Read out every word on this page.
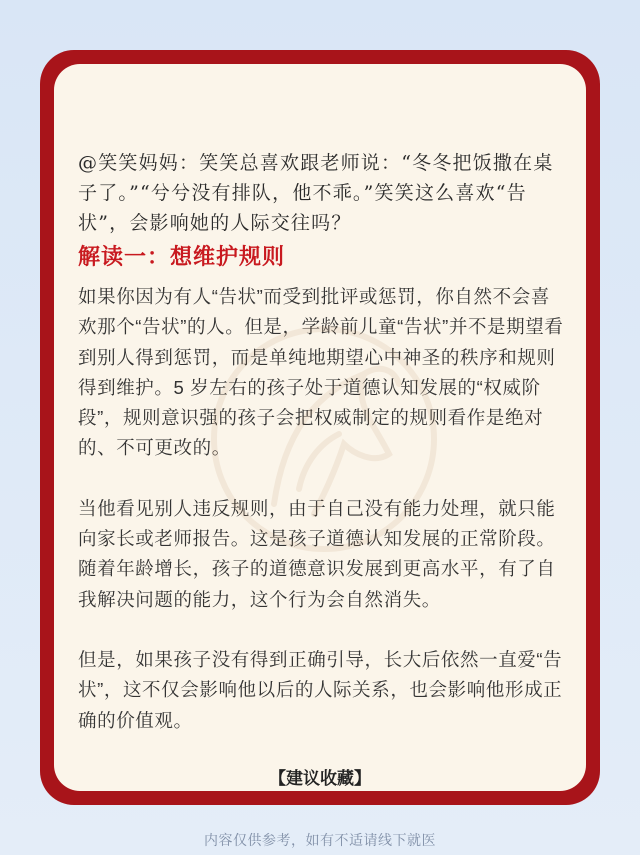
@笑笑妈妈：笑笑总喜欢跟老师说：“冬冬把饭撒在桌子了。”“兮兮没有排队，他不乖。”笑笑这么喜欢“告状”，会影响她的人际交往吗？

解读一：想维护规则

如果你因为有人“告状”而受到批评或惩罚，你自然不会喜欢那个“告状”的人。但是，学龄前儿童“告状”并不是期望看到别人得到惩罚，而是单纯地期望心中神圣的秩序和规则得到维护。5 岁左右的孩子处于道德认知发展的“权威阶段”，规则意识强的孩子会把权威制定的规则看作是绝对的、不可更改的。

当他看见别人违反规则，由于自己没有能力处理，就只能向家长或老师报告。这是孩子道德认知发展的正常阶段。随着年龄增长，孩子的道德意识发展到更高水平，有了自我解决问题的能力，这个行为会自然消失。

但是，如果孩子没有得到正确引导，长大后依然一直爱“告状”，这不仅会影响他以后的人际关系，也会影响他形成正确的价值观。

【建议收藏】
内容仅供参考，如有不适请线下就医
